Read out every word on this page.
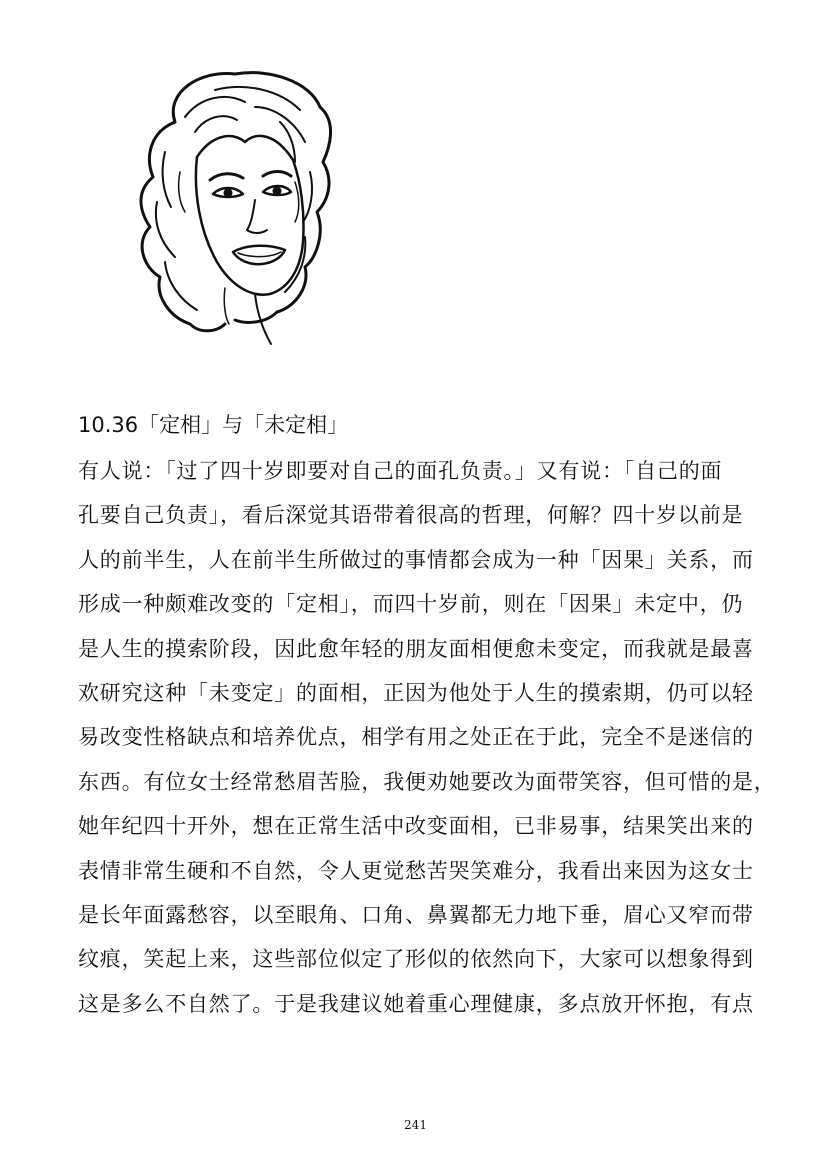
10.36「定相」与「未定相」
有人说：「过了四十岁即要对自己的面孔负责。」又有说：「自己的面
孔要自己负责」，看后深觉其语带着很高的哲理，何解？四十岁以前是
人的前半生，人在前半生所做过的事情都会成为一种「因果」关系，而
形成一种颇难改变的「定相」，而四十岁前，则在「因果」未定中，仍
是人生的摸索阶段，因此愈年轻的朋友面相便愈未变定，而我就是最喜
欢研究这种「未变定」的面相，正因为他处于人生的摸索期，仍可以轻
易改变性格缺点和培养优点，相学有用之处正在于此，完全不是迷信的
东西。有位女士经常愁眉苦脸，我便劝她要改为面带笑容，但可惜的是，
她年纪四十开外，想在正常生活中改变面相，已非易事，结果笑出来的
表情非常生硬和不自然，令人更觉愁苦哭笑难分，我看出来因为这女士
是长年面露愁容，以至眼角、口角、鼻翼都无力地下垂，眉心又窄而带
纹痕，笑起上来，这些部位似定了形似的依然向下，大家可以想象得到
这是多么不自然了。于是我建议她着重心理健康，多点放开怀抱，有点
241
